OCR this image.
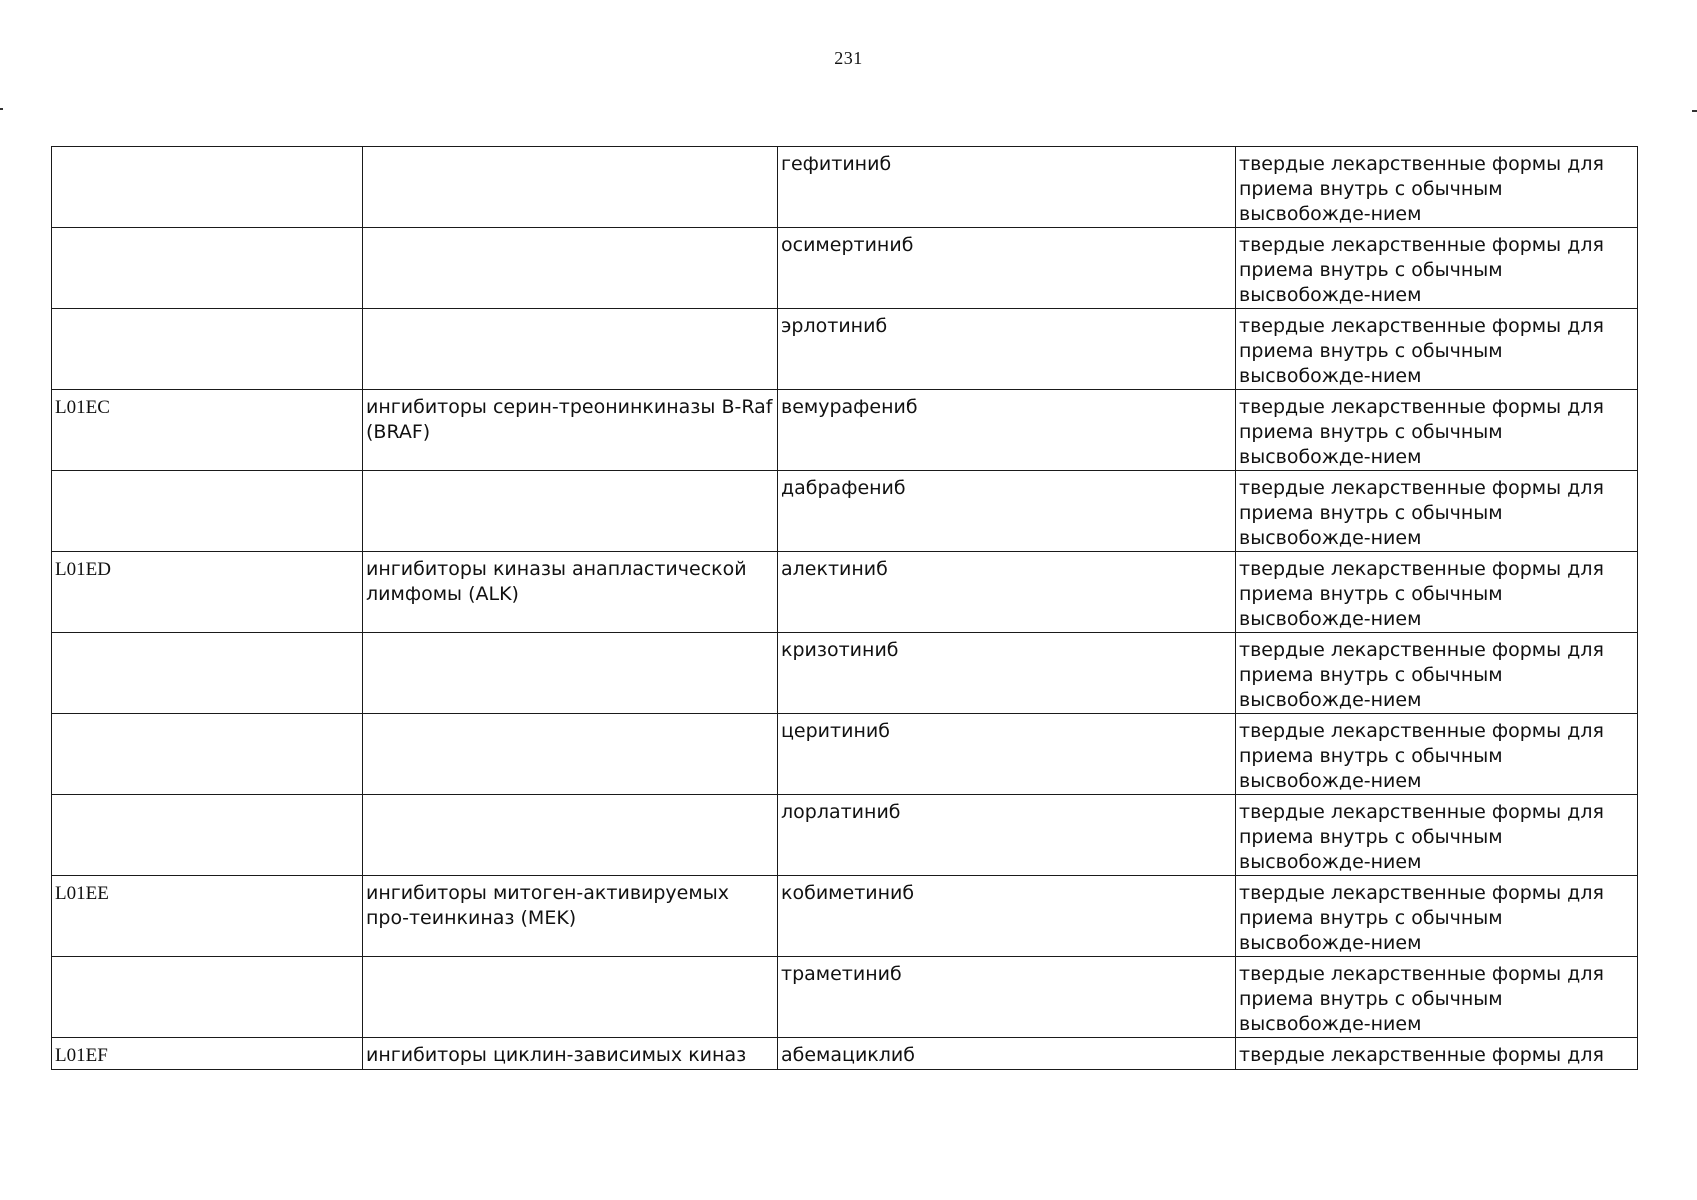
231
		гефитиниб	твердые лекарственные формы для приема внутрь с обычным высвобожде-нием
		осимертиниб	твердые лекарственные формы для приема внутрь с обычным высвобожде-нием
		эрлотиниб	твердые лекарственные формы для приема внутрь с обычным высвобожде-нием
L01EC	ингибиторы серин-треонинкиназы B-Raf (BRAF)	вемурафениб	твердые лекарственные формы для приема внутрь с обычным высвобожде-нием
		дабрафениб	твердые лекарственные формы для приема внутрь с обычным высвобожде-нием
L01ED	ингибиторы киназы анапластической лимфомы (ALK)	алектиниб	твердые лекарственные формы для приема внутрь с обычным высвобожде-нием
		кризотиниб	твердые лекарственные формы для приема внутрь с обычным высвобожде-нием
		церитиниб	твердые лекарственные формы для приема внутрь с обычным высвобожде-нием
		лорлатиниб	твердые лекарственные формы для приема внутрь с обычным высвобожде-нием
L01EE	ингибиторы митоген-активируемых про-теинкиназ (MEK)	кобиметиниб	твердые лекарственные формы для приема внутрь с обычным высвобожде-нием
		траметиниб	твердые лекарственные формы для приема внутрь с обычным высвобожде-нием
L01EF	ингибиторы циклин-зависимых киназ	абемациклиб	твердые лекарственные формы для
